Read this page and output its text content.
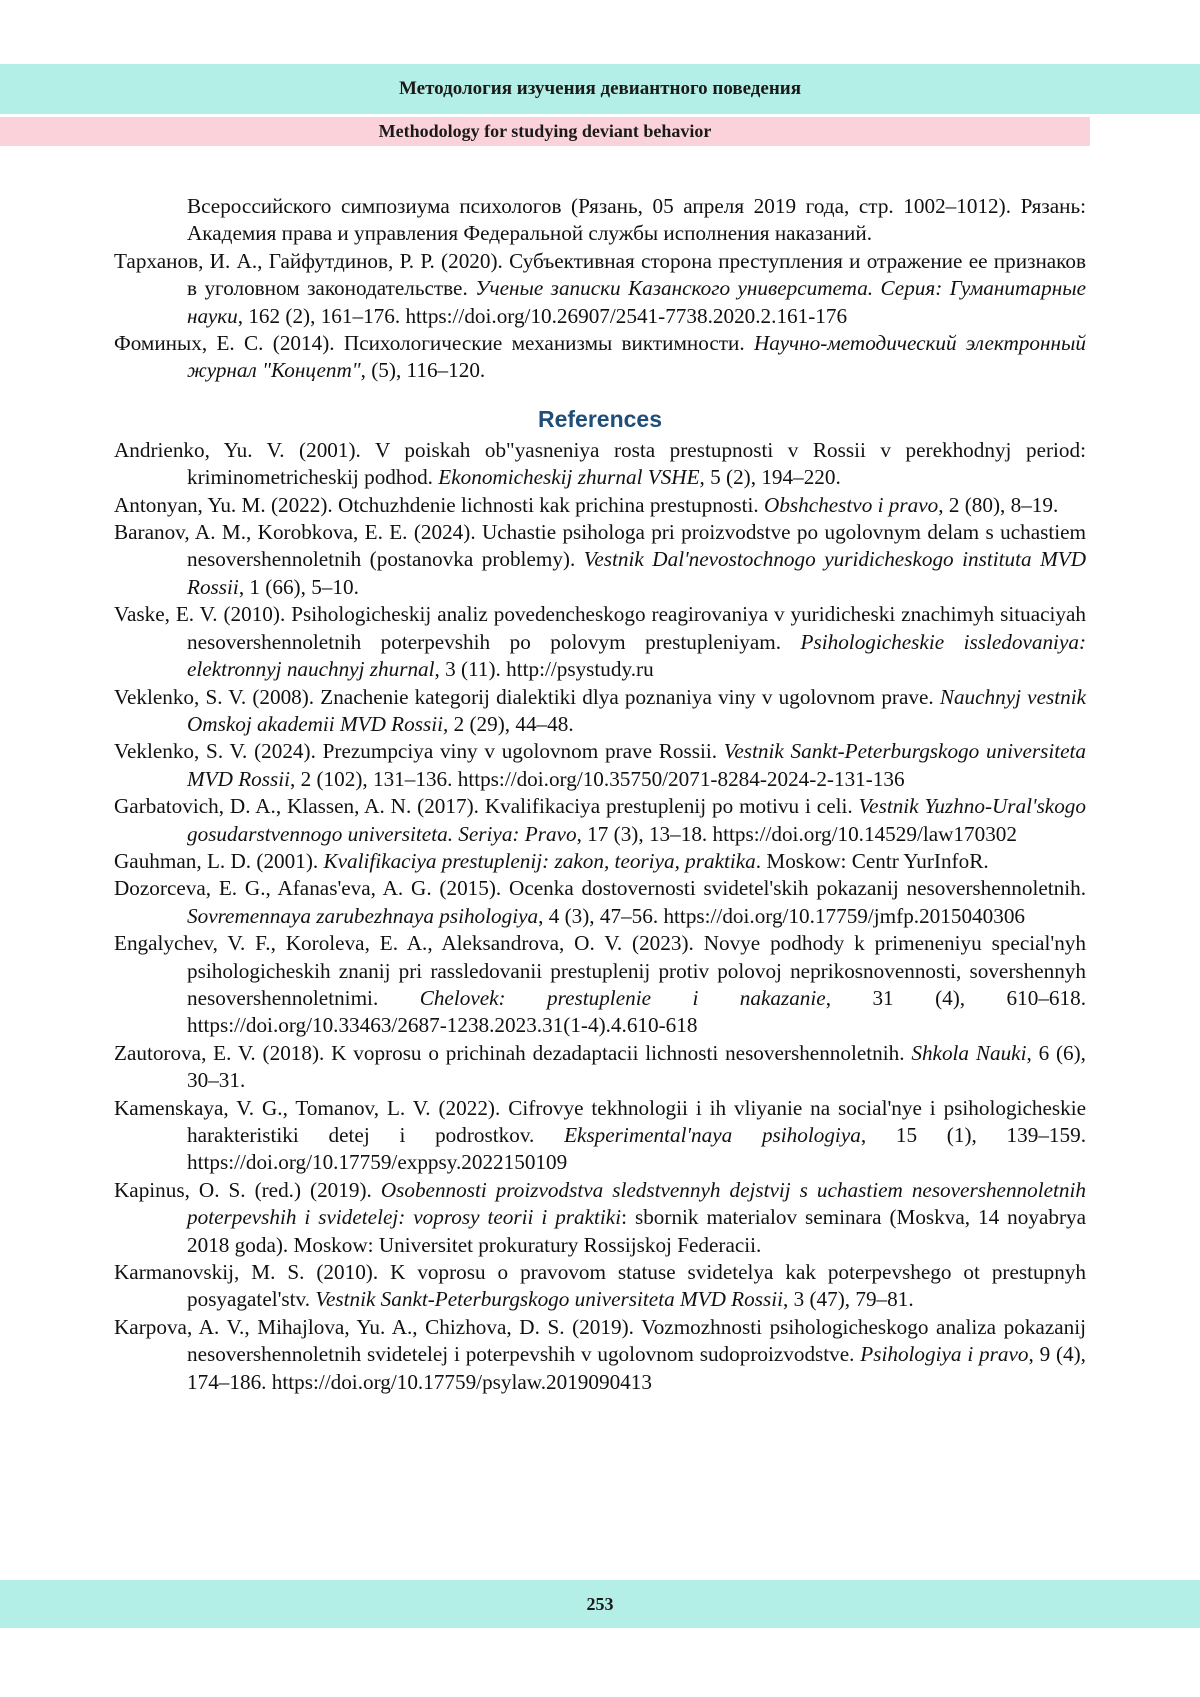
Методология изучения девиантного поведения
Methodology for studying deviant behavior

Всероссийского симпозиума психологов (Рязань, 05 апреля 2019 года, стр. 1002–1012). Рязань: Академия права и управления Федеральной службы исполнения наказаний.

Тарханов, И. А., Гайфутдинов, Р. Р. (2020). Субъективная сторона преступления и отражение ее признаков в уголовном законодательстве. Ученые записки Казанского университета. Серия: Гуманитарные науки, 162 (2), 161–176. https://doi.org/10.26907/2541-7738.2020.2.161-176

Фоминых, Е. С. (2014). Психологические механизмы виктимности. Научно-методический электронный журнал "Концепт", (5), 116–120.

References

Andrienko, Yu. V. (2001). V poiskah ob"yasneniya rosta prestupnosti v Rossii v perekhodnyj period: kriminometricheskij podhod. Ekonomicheskij zhurnal VSHE, 5 (2), 194–220.

Antonyan, Yu. M. (2022). Otchuzhdenie lichnosti kak prichina prestupnosti. Obshchestvo i pravo, 2 (80), 8–19.

Baranov, A. M., Korobkova, E. E. (2024). Uchastie psihologa pri proizvodstve po ugolovnym delam s uchastiem nesovershennoletnih (postanovka problemy). Vestnik Dal'nevostochnogo yuridicheskogo instituta MVD Rossii, 1 (66), 5–10.

Vaske, E. V. (2010). Psihologicheskij analiz povedencheskogo reagirovaniya v yuridicheski znachimyh situaciyah nesovershennoletnih poterpevshih po polovym prestupleniyam. Psihologicheskie issledovaniya: elektronnyj nauchnyj zhurnal, 3 (11). http://psystudy.ru

Veklenko, S. V. (2008). Znachenie kategorij dialektiki dlya poznaniya viny v ugolovnom prave. Nauchnyj vestnik Omskoj akademii MVD Rossii, 2 (29), 44–48.

Veklenko, S. V. (2024). Prezumpciya viny v ugolovnom prave Rossii. Vestnik Sankt-Peterburgskogo universiteta MVD Rossii, 2 (102), 131–136. https://doi.org/10.35750/2071-8284-2024-2-131-136

Garbatovich, D. A., Klassen, A. N. (2017). Kvalifikaciya prestuplenij po motivu i celi. Vestnik Yuzhno-Ural'skogo gosudarstvennogo universiteta. Seriya: Pravo, 17 (3), 13–18. https://doi.org/10.14529/law170302

Gauhman, L. D. (2001). Kvalifikaciya prestuplenij: zakon, teoriya, praktika. Moskow: Centr YurInfoR.

Dozorceva, E. G., Afanas'eva, A. G. (2015). Ocenka dostovernosti svidetel'skih pokazanij nesovershennoletnih. Sovremennaya zarubezhnaya psihologiya, 4 (3), 47–56. https://doi.org/10.17759/jmfp.2015040306

Engalychev, V. F., Koroleva, E. A., Aleksandrova, O. V. (2023). Novye podhody k primeneniyu special'nyh psihologicheskih znanij pri rassledovanii prestuplenij protiv polovoj neprikosnovennosti, sovershennyh nesovershennoletnimi. Chelovek: prestuplenie i nakazanie, 31 (4), 610–618. https://doi.org/10.33463/2687-1238.2023.31(1-4).4.610-618

Zautorova, E. V. (2018). K voprosu o prichinah dezadaptacii lichnosti nesovershennoletnih. Shkola Nauki, 6 (6), 30–31.

Kamenskaya, V. G., Tomanov, L. V. (2022). Cifrovye tekhnologii i ih vliyanie na social'nye i psihologicheskie harakteristiki detej i podrostkov. Eksperimental'naya psihologiya, 15 (1), 139–159. https://doi.org/10.17759/exppsy.2022150109

Kapinus, O. S. (red.) (2019). Osobennosti proizvodstva sledstvennyh dejstvij s uchastiem nesovershennoletnih poterpevshih i svidetelej: voprosy teorii i praktiki: sbornik materialov seminara (Moskva, 14 noyabrya 2018 goda). Moskow: Universitet prokuratury Rossijskoj Federacii.

Karmanovskij, M. S. (2010). K voprosu o pravovom statuse svidetelya kak poterpevshego ot prestupnyh posyagatel'stv. Vestnik Sankt-Peterburgskogo universiteta MVD Rossii, 3 (47), 79–81.

Karpova, A. V., Mihajlova, Yu. A., Chizhova, D. S. (2019). Vozmozhnosti psihologicheskogo analiza pokazanij nesovershennoletnih svidetelej i poterpevshih v ugolovnom sudoproizvodstve. Psihologiya i pravo, 9 (4), 174–186. https://doi.org/10.17759/psylaw.2019090413

253
